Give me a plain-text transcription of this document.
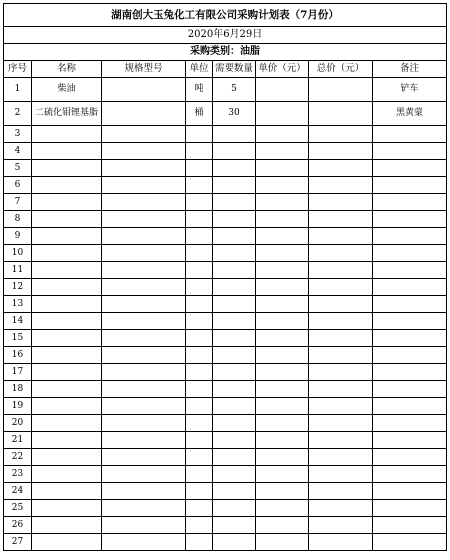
湖南创大玉兔化工有限公司采购计划表（7月份）							
2020年6月29日							
采购类别：油脂							
序号	名称	规格型号	单位	需要数量	单价（元）	总价（元）	备注
1	柴油		吨	5			铲车
2	二硫化钼锂基脂		桶	30			黑黄蒙
3							
4							
5							
6							
7							
8							
9							
10							
11							
12							
13							
14							
15							
16							
17							
18							
19							
20							
21							
22							
23							
24							
25							
26							
27							
